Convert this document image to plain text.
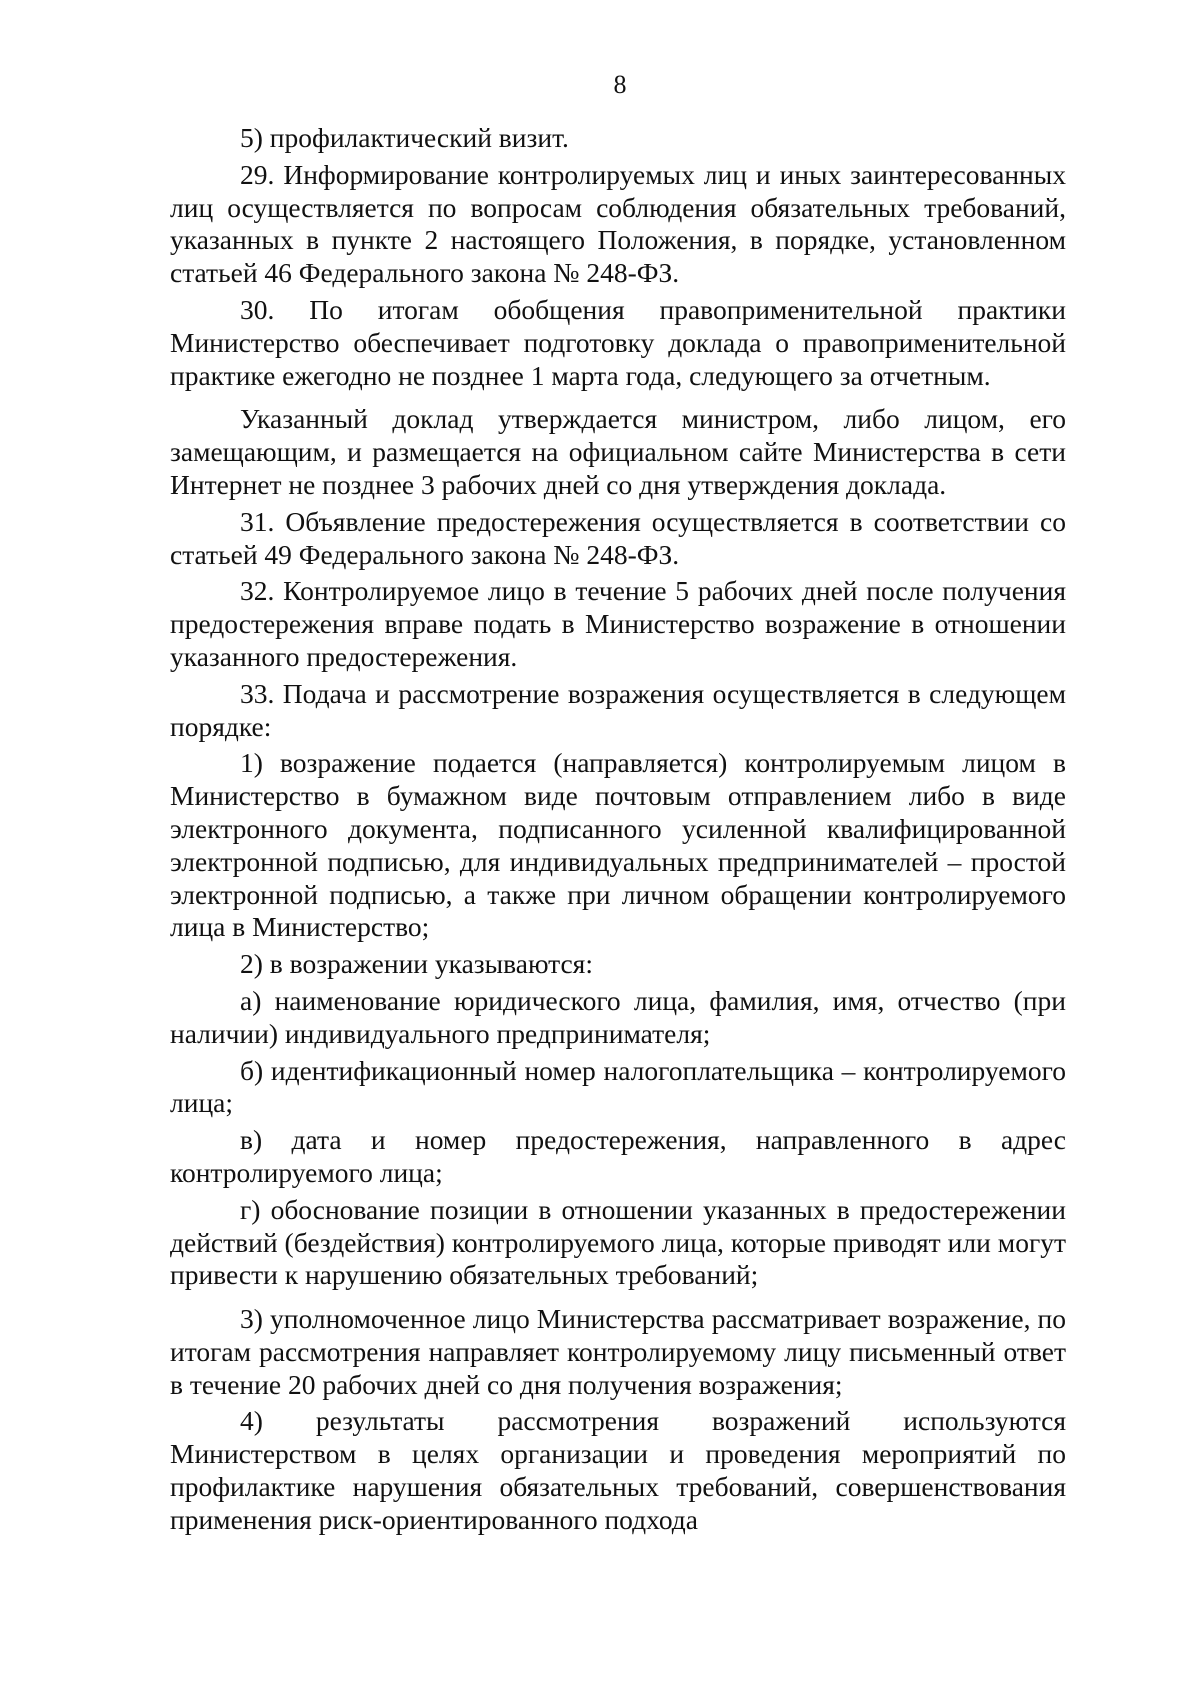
8

5) профилактический визит.

29. Информирование контролируемых лиц и иных заинтересованных лиц осуществляется по вопросам соблюдения обязательных требований, указанных в пункте 2 настоящего Положения, в порядке, установленном статьей 46 Федерального закона № 248-ФЗ.

30. По итогам обобщения правоприменительной практики Министерство обеспечивает подготовку доклада о правоприменительной практике ежегодно не позднее 1 марта года, следующего за отчетным.

Указанный доклад утверждается министром, либо лицом, его замещающим, и размещается на официальном сайте Министерства в сети Интернет не позднее 3 рабочих дней со дня утверждения доклада.

31. Объявление предостережения осуществляется в соответствии со статьей 49 Федерального закона № 248-ФЗ.

32. Контролируемое лицо в течение 5 рабочих дней после получения предостережения вправе подать в Министерство возражение в отношении указанного предостережения.

33. Подача и рассмотрение возражения осуществляется в следующем порядке:

1) возражение подается (направляется) контролируемым лицом в Министерство в бумажном виде почтовым отправлением либо в виде электронного документа, подписанного усиленной квалифицированной электронной подписью, для индивидуальных предпринимателей – простой электронной подписью, а также при личном обращении контролируемого лица в Министерство;

2) в возражении указываются:

а) наименование юридического лица, фамилия, имя, отчество (при наличии) индивидуального предпринимателя;

б) идентификационный номер налогоплательщика – контролируемого лица;

в) дата и номер предостережения, направленного в адрес контролируемого лица;

г) обоснование позиции в отношении указанных в предостережении действий (бездействия) контролируемого лица, которые приводят или могут привести к нарушению обязательных требований;

3) уполномоченное лицо Министерства рассматривает возражение, по итогам рассмотрения направляет контролируемому лицу письменный ответ в течение 20 рабочих дней со дня получения возражения;

4) результаты рассмотрения возражений используются Министерством в целях организации и проведения мероприятий по профилактике нарушения обязательных требований, совершенствования применения риск-ориентированного подхода
